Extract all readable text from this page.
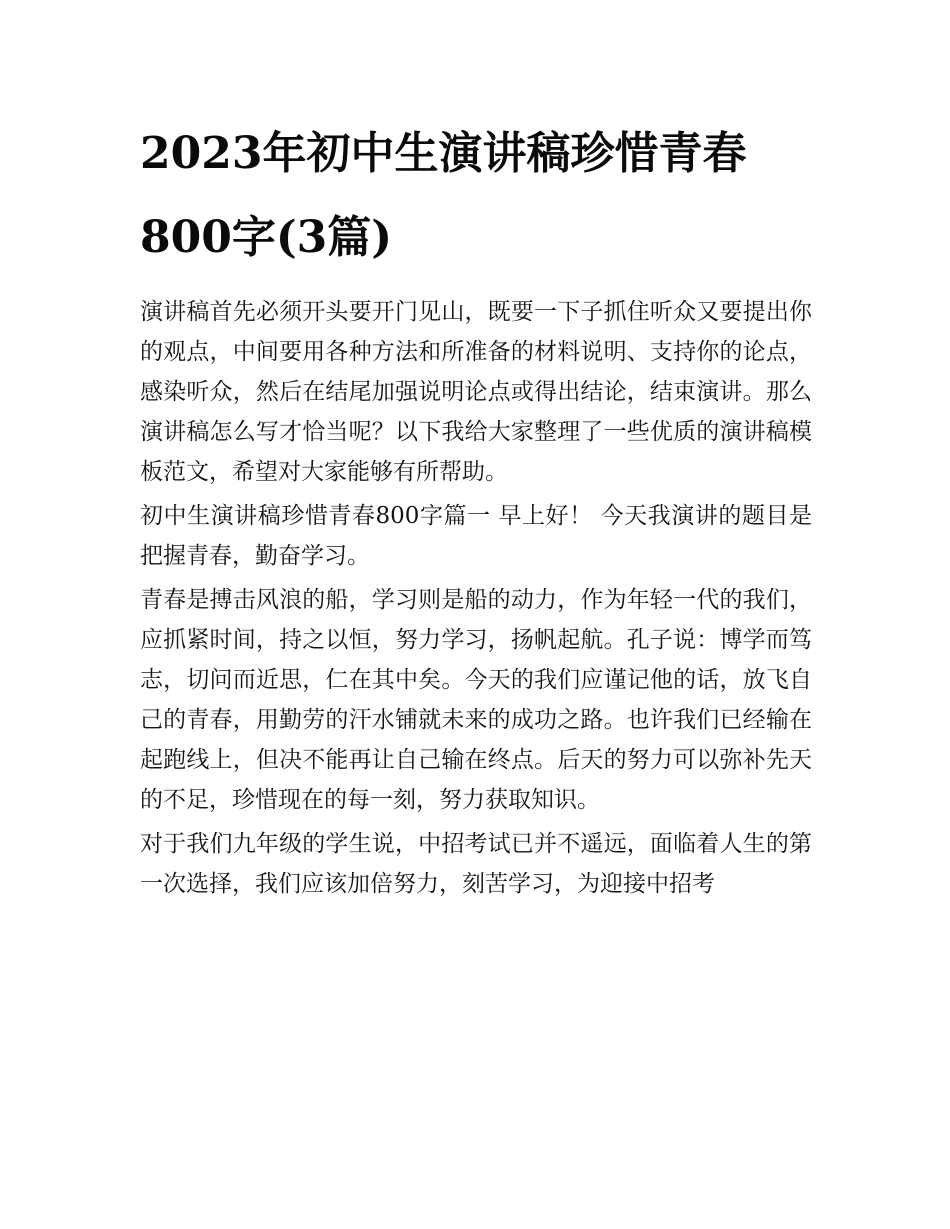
2023年初中生演讲稿珍惜青春800字(3篇)

演讲稿首先必须开头要开门见山，既要一下子抓住听众又要提出你的观点，中间要用各种方法和所准备的材料说明、支持你的论点，感染听众，然后在结尾加强说明论点或得出结论，结束演讲。那么演讲稿怎么写才恰当呢？以下我给大家整理了一些优质的演讲稿模板范文，希望对大家能够有所帮助。

初中生演讲稿珍惜青春800字篇一 早上好！ 今天我演讲的题目是把握青春，勤奋学习。

青春是搏击风浪的船，学习则是船的动力，作为年轻一代的我们，应抓紧时间，持之以恒，努力学习，扬帆起航。孔子说：博学而笃志，切问而近思，仁在其中矣。今天的我们应谨记他的话，放飞自己的青春，用勤劳的汗水铺就未来的成功之路。也许我们已经输在起跑线上，但决不能再让自己输在终点。后天的努力可以弥补先天的不足，珍惜现在的每一刻，努力获取知识。

对于我们九年级的学生说，中招考试已并不遥远，面临着人生的第一次选择，我们应该加倍努力，刻苦学习，为迎接中招考
